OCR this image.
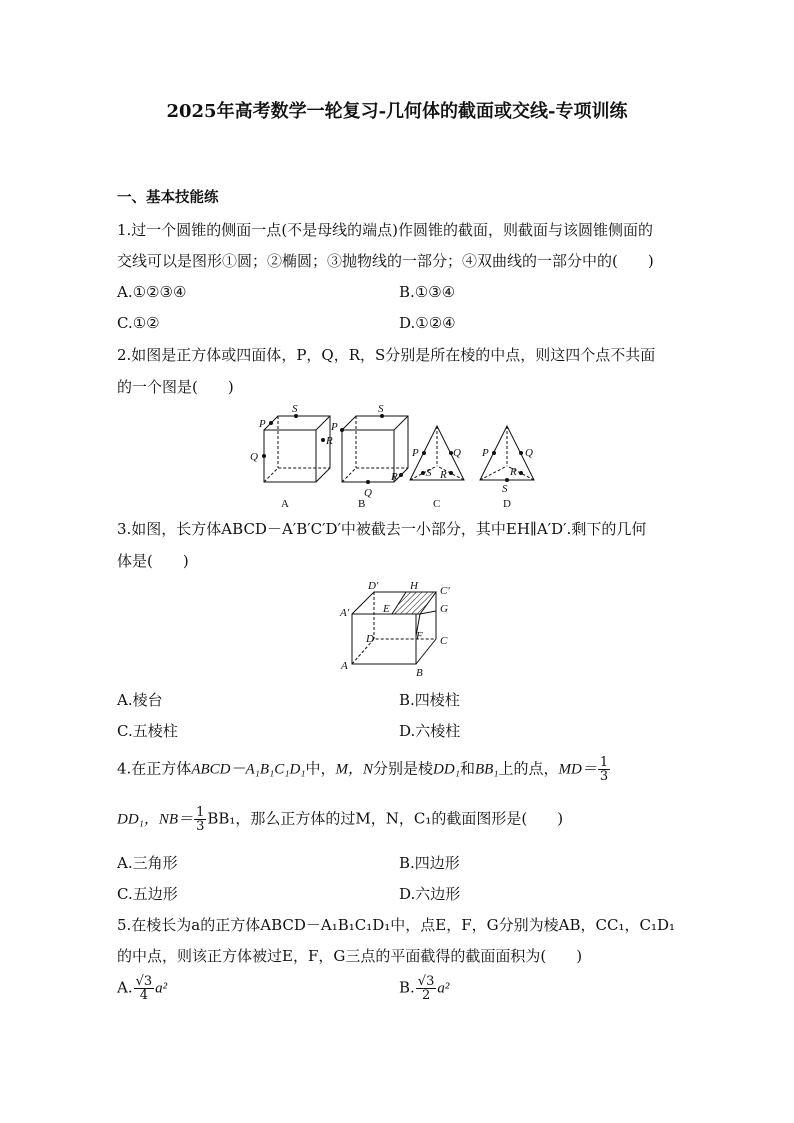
2025年高考数学一轮复习-几何体的截面或交线-专项训练
一、基本技能练
1.过一个圆锥的侧面一点(不是母线的端点)作圆锥的截面，则截面与该圆锥侧面的
交线可以是图形①圆；②椭圆；③抛物线的一部分；④双曲线的一部分中的(　　)
A.①②③④	B.①③④
C.①②	D.①②④
2.如图是正方体或四面体，P，Q，R，S分别是所在棱的中点，则这四个点不共面
的一个图是(　　)
P
S
Q
R
S
P
Q
R
P	Q
S R
P	Q
S
R
A	B	C	D
3.如图，长方体ABCD－A′B′C′D′中被截去一小部分，其中EH∥A′D′.剩下的几何
体是(　　)
D′	H C′
A′	E	G
D	F C
A
B
A.棱台	B.四棱柱
C.五棱柱	D.六棱柱
4.在正方体ABCD－A₁B₁C₁D₁中，M，N分别是棱DD₁和BB₁上的点，$MD= \frac{1}{3}$
DD₁，$NB= \frac{1}{3} BB_1$，那么正方体的过M，N，C₁的截面图形是(　　)
A.三角形	B.四边形
C.五边形	D.六边形
5.在棱长为a的正方体ABCD－A₁B₁C₁D₁中，点E，F，G分别为棱AB，CC₁，C₁D₁
的中点，则该正方体被过E，F，G三点的平面截得的截面面积为(　　)
A. $\frac{√3}{4} a^2$	B. $\frac{√3}{2} a^2$
